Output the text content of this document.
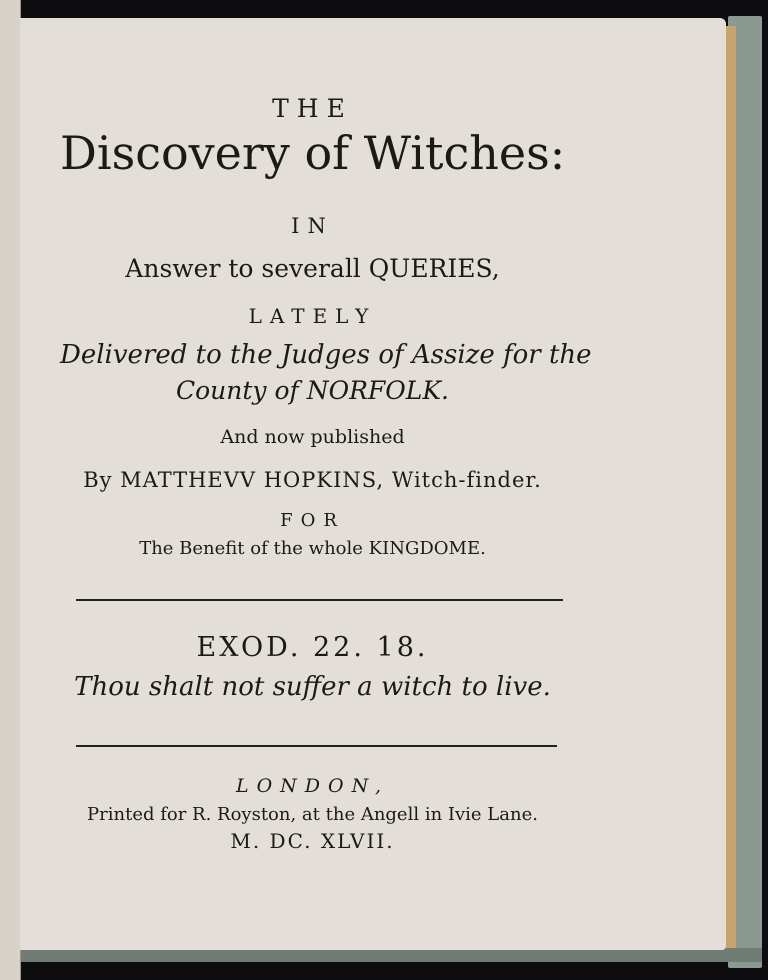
THE
Discovery of Witches:
IN
Answer to severall QUERIES,
LATELY
Delivered to the Judges of Assize for the
County of NORFOLK.
And now published
By MATTHEVV HOPKINS, Witch-finder.
FOR
The Benefit of the whole KINGDOME.
EXOD. 22. 18.
Thou shalt not suffer a witch to live.
LONDON,
Printed for R. Royston, at the Angell in Ivie Lane.
M. DC. XLVII.
